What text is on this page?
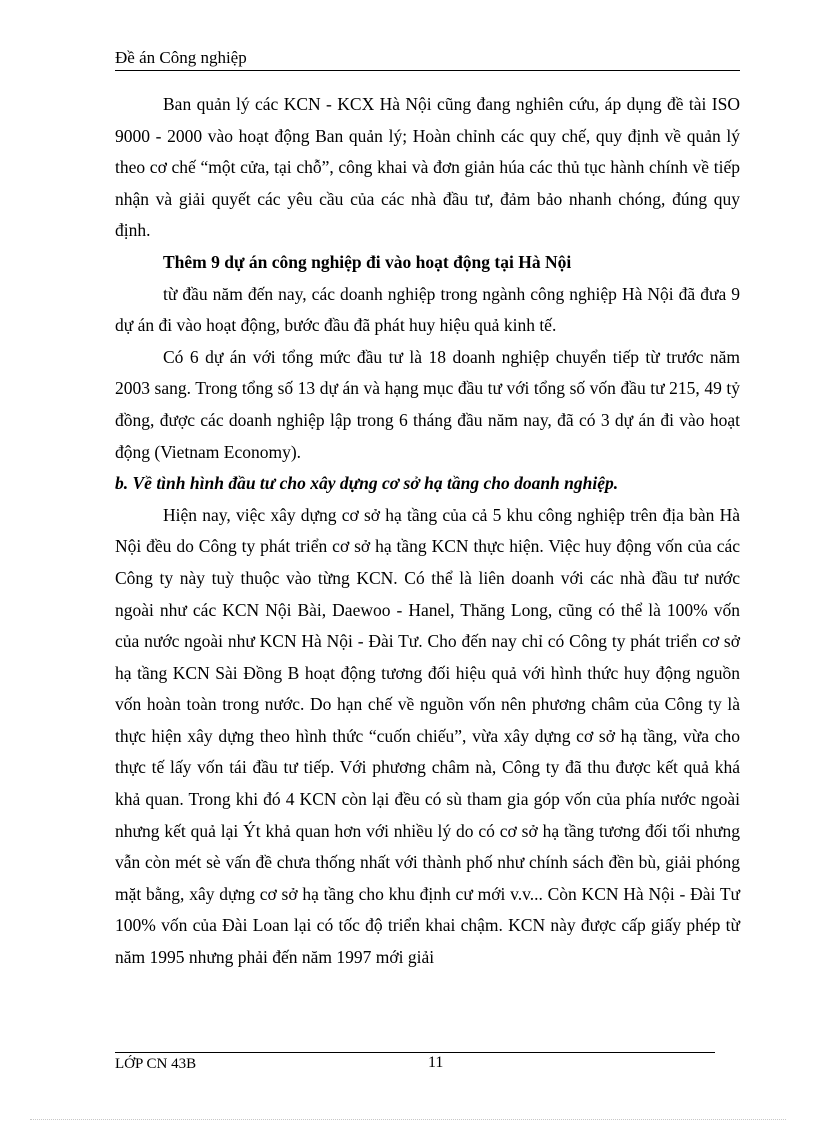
Đề án Công nghiệp

Ban quản lý các KCN - KCX Hà Nội cũng đang nghiên cứu, áp dụng đề tài ISO 9000 - 2000 vào hoạt động Ban quản lý; Hoàn chỉnh các quy chế, quy định về quản lý theo cơ chế “một cửa, tại chỗ”, công khai và đơn giản húa các thủ tục hành chính về tiếp nhận và giải quyết các yêu cầu của các nhà đầu tư, đảm bảo nhanh chóng, đúng quy định.

Thêm 9 dự án công nghiệp đi vào hoạt động tại Hà Nội

từ đầu năm đến nay, các doanh nghiệp trong ngành công nghiệp Hà Nội đã đưa 9 dự án đi vào hoạt động, bước đầu đã phát huy hiệu quả kinh tế.

Có 6 dự án với tổng mức đầu tư là 18 doanh nghiệp chuyển tiếp từ trước năm 2003 sang. Trong tổng số 13 dự án và hạng mục đầu tư với tổng số vốn đầu tư 215, 49 tỷ đồng, được các doanh nghiệp lập trong 6 tháng đầu năm nay, đã có 3 dự án đi vào hoạt động (Vietnam Economy).

b. Về tình hình đầu tư cho xây dựng cơ sở hạ tầng cho doanh nghiệp.

Hiện nay, việc xây dựng cơ sở hạ tầng của cả 5 khu công nghiệp trên địa bàn Hà Nội đều do Công ty phát triển cơ sở hạ tầng KCN thực hiện. Việc huy động vốn của các Công ty này tuỳ thuộc vào từng KCN. Có thể là liên doanh với các nhà đầu tư nước ngoài như các KCN Nội Bài, Daewoo - Hanel, Thăng Long, cũng có thể là 100% vốn của nước ngoài như KCN Hà Nội - Đài Tư. Cho đến nay chỉ có Công ty phát triển cơ sở hạ tầng KCN Sài Đồng B hoạt động tương đối hiệu quả với hình thức huy động nguồn vốn hoàn toàn trong nước. Do hạn chế về nguồn vốn nên phương châm của Công ty là thực hiện xây dựng theo hình thức “cuốn chiếu”, vừa xây dựng cơ sở hạ tầng, vừa cho thực tế lấy vốn tái đầu tư tiếp. Với phương châm nà, Công ty đã thu được kết quả khá khả quan. Trong khi đó 4 KCN còn lại đều có sù tham gia góp vốn của phía nước ngoài nhưng kết quả lại Ýt khả quan hơn với nhiều lý do có cơ sở hạ tầng tương đối tối nhưng vẫn còn mét sè vấn đề chưa thống nhất với thành phố như chính sách đền bù, giải phóng mặt bằng, xây dựng cơ sở hạ tầng cho khu định cư mới v.v... Còn KCN Hà Nội - Đài Tư 100% vốn của Đài Loan lại có tốc độ triển khai chậm. KCN này được cấp giấy phép từ năm 1995 nhưng phải đến năm 1997 mới giải

LỚP CN 43B	11
